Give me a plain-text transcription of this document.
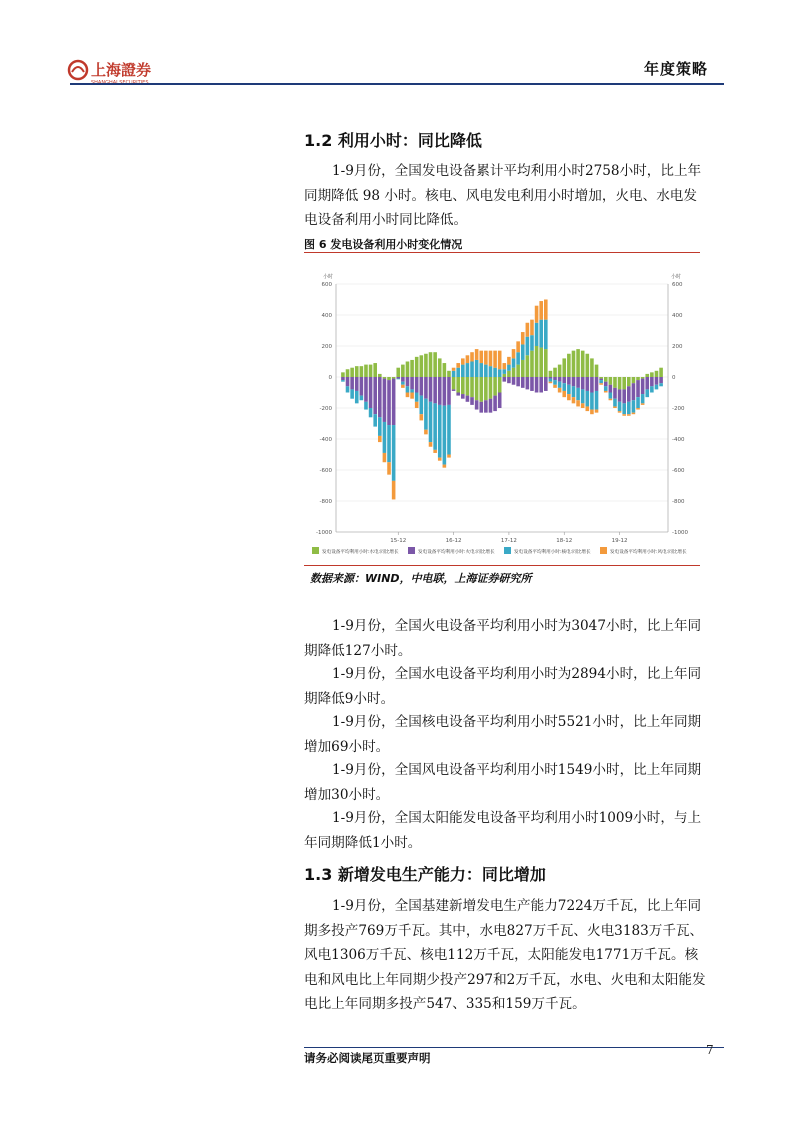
上海證券	年度策略
1.2 利用小时：同比降低

1-9月份，全国发电设备累计平均利用小时2758小时，比上年同期降低 98 小时。核电、风电发电利用小时增加，火电、水电发电设备利用小时同比降低。

图 6 发电设备利用小时变化情况
600	600
400	400
200	200
0	0
-200	-200
-400	-400
-600	-600
-800	-800
-1000	-1000
小时	小时
15-12	16-12	17-12	18-12	19-12
发电设备平均利用小时:水电:同比增长	发电设备平均利用小时:火电:同比增长	发电设备平均利用小时:核电:同比增长	发电设备平均利用小时:风电:同比增长
数据来源：WIND，中电联，上海证券研究所

1-9月份，全国火电设备平均利用小时为3047小时，比上年同期降低127小时。

1-9月份，全国水电设备平均利用小时为2894小时，比上年同期降低9小时。

1-9月份，全国核电设备平均利用小时5521小时，比上年同期增加69小时。

1-9月份，全国风电设备平均利用小时1549小时，比上年同期增加30小时。

1-9月份，全国太阳能发电设备平均利用小时1009小时，与上年同期降低1小时。

1.3 新增发电生产能力：同比增加

1-9月份，全国基建新增发电生产能力7224万千瓦，比上年同期多投产769万千瓦。其中，水电827万千瓦、火电3183万千瓦、风电1306万千瓦、核电112万千瓦，太阳能发电1771万千瓦。核电和风电比上年同期少投产297和2万千瓦，水电、火电和太阳能发电比上年同期多投产547、335和159万千瓦。

请务必阅读尾页重要声明
7
